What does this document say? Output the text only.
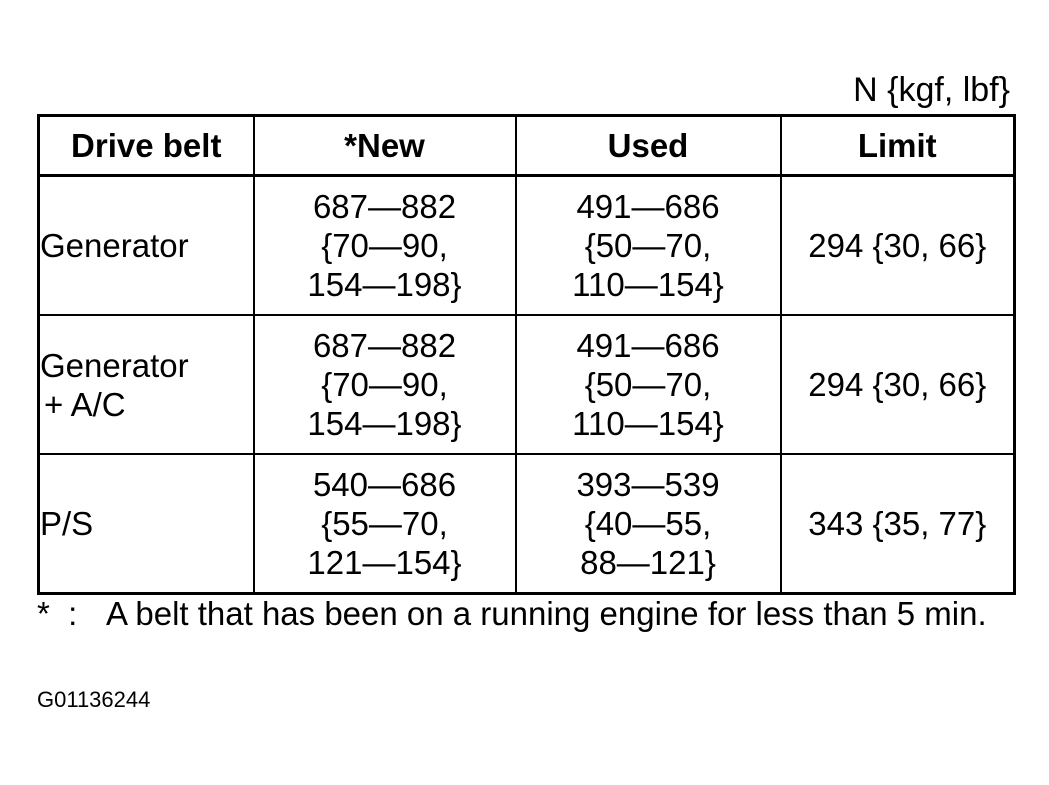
N {kgf, lbf}
Drive belt	*New	Used	Limit

Generator	687—882
{70—90,
154—198}	491—686
{50—70,
110—154}	294 {30, 66}

Generator
+ A/C	687—882
{70—90,
154—198}	491—686
{50—70,
110—154}	294 {30, 66}

P/S	540—686
{55—70,
121—154}	393—539
{40—55,
88—121}	343 {35, 77}
*  : A belt that has been on a running engine for less than 5 min.
G01136244
